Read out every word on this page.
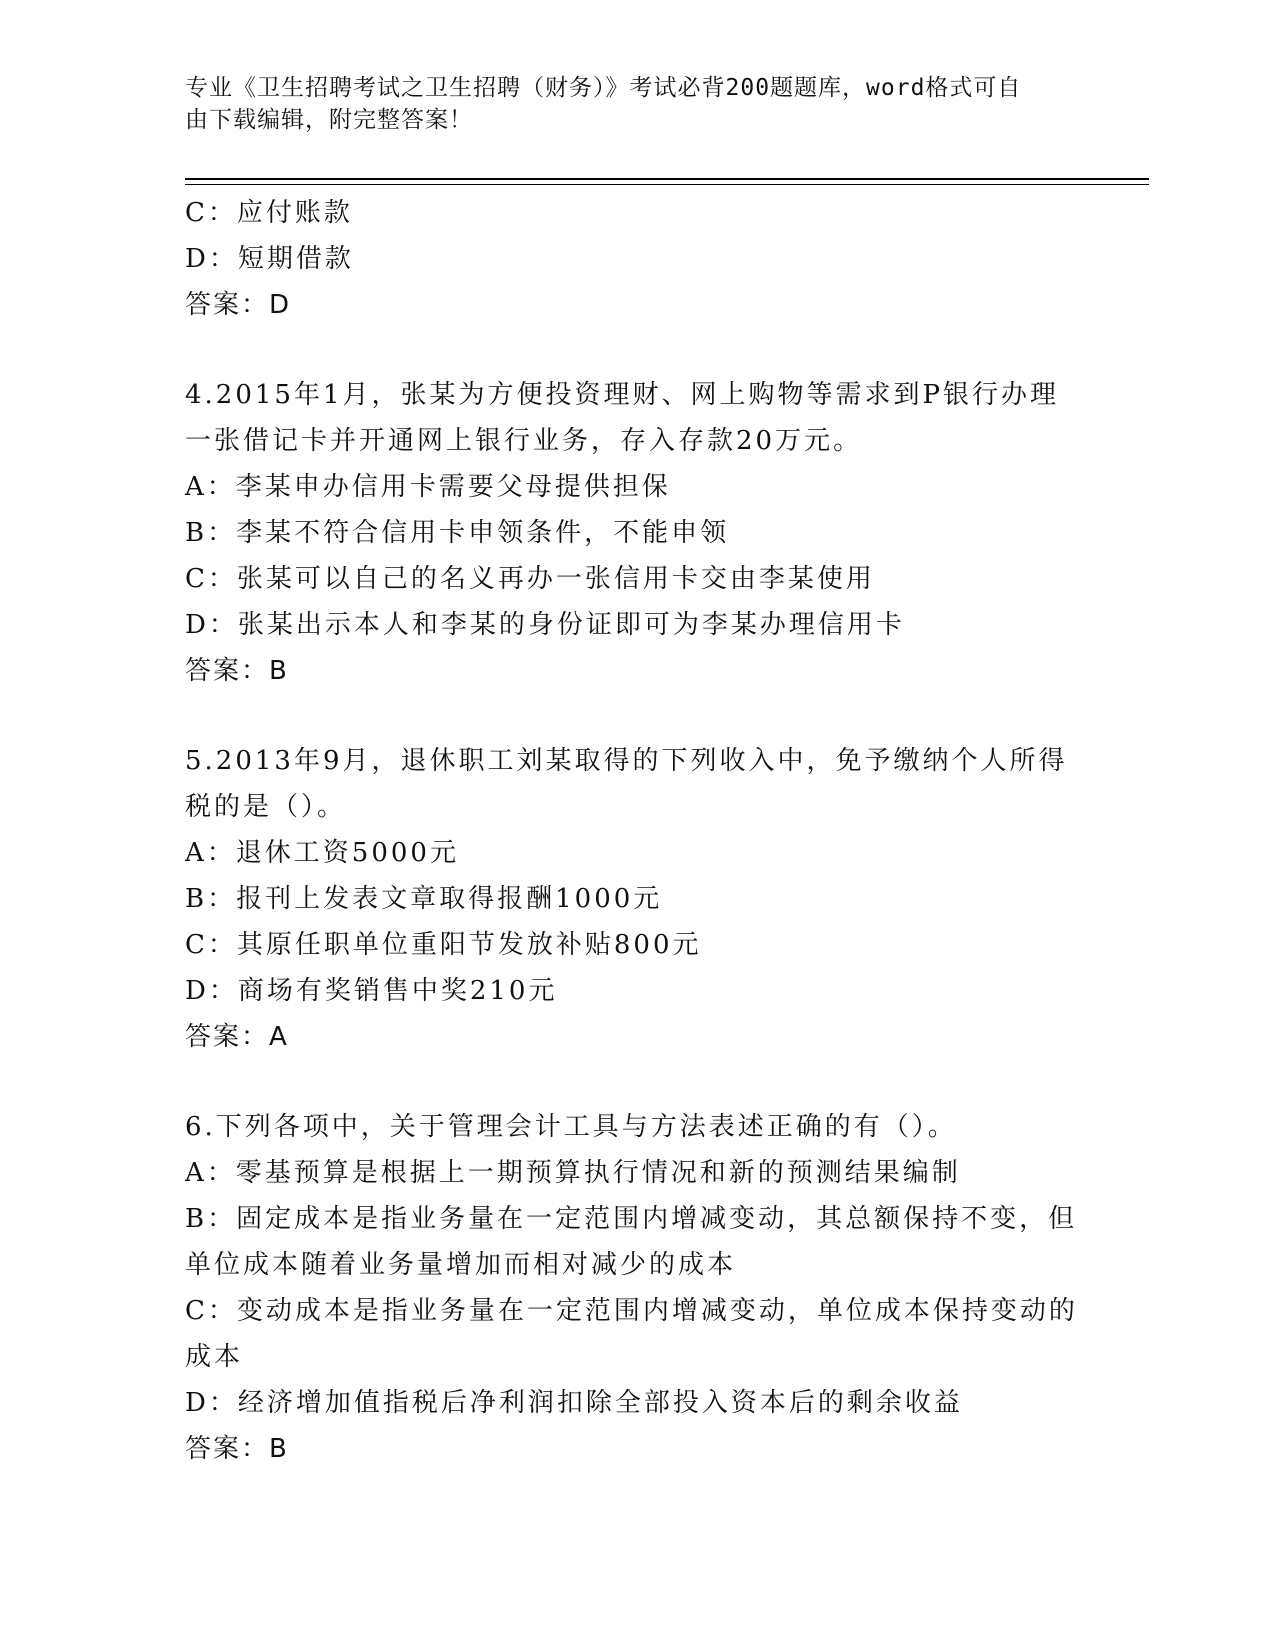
专业《卫生招聘考试之卫生招聘（财务）》考试必背200题题库，word格式可自
由下载编辑，附完整答案！

C：应付账款

D：短期借款

答案：D

4.2015年1月，张某为方便投资理财、网上购物等需求到P银行办理

一张借记卡并开通网上银行业务，存入存款20万元。

A：李某申办信用卡需要父母提供担保

B：李某不符合信用卡申领条件，不能申领

C：张某可以自己的名义再办一张信用卡交由李某使用

D：张某出示本人和李某的身份证即可为李某办理信用卡

答案：B

5.2013年9月，退休职工刘某取得的下列收入中，免予缴纳个人所得

税的是（）。

A：退休工资5000元

B：报刊上发表文章取得报酬1000元

C：其原任职单位重阳节发放补贴800元

D：商场有奖销售中奖210元

答案：A

6.下列各项中，关于管理会计工具与方法表述正确的有（）。

A：零基预算是根据上一期预算执行情况和新的预测结果编制

B：固定成本是指业务量在一定范围内增减变动，其总额保持不变，但

单位成本随着业务量增加而相对减少的成本

C：变动成本是指业务量在一定范围内增减变动，单位成本保持变动的

成本

D：经济增加值指税后净利润扣除全部投入资本后的剩余收益

答案：B
